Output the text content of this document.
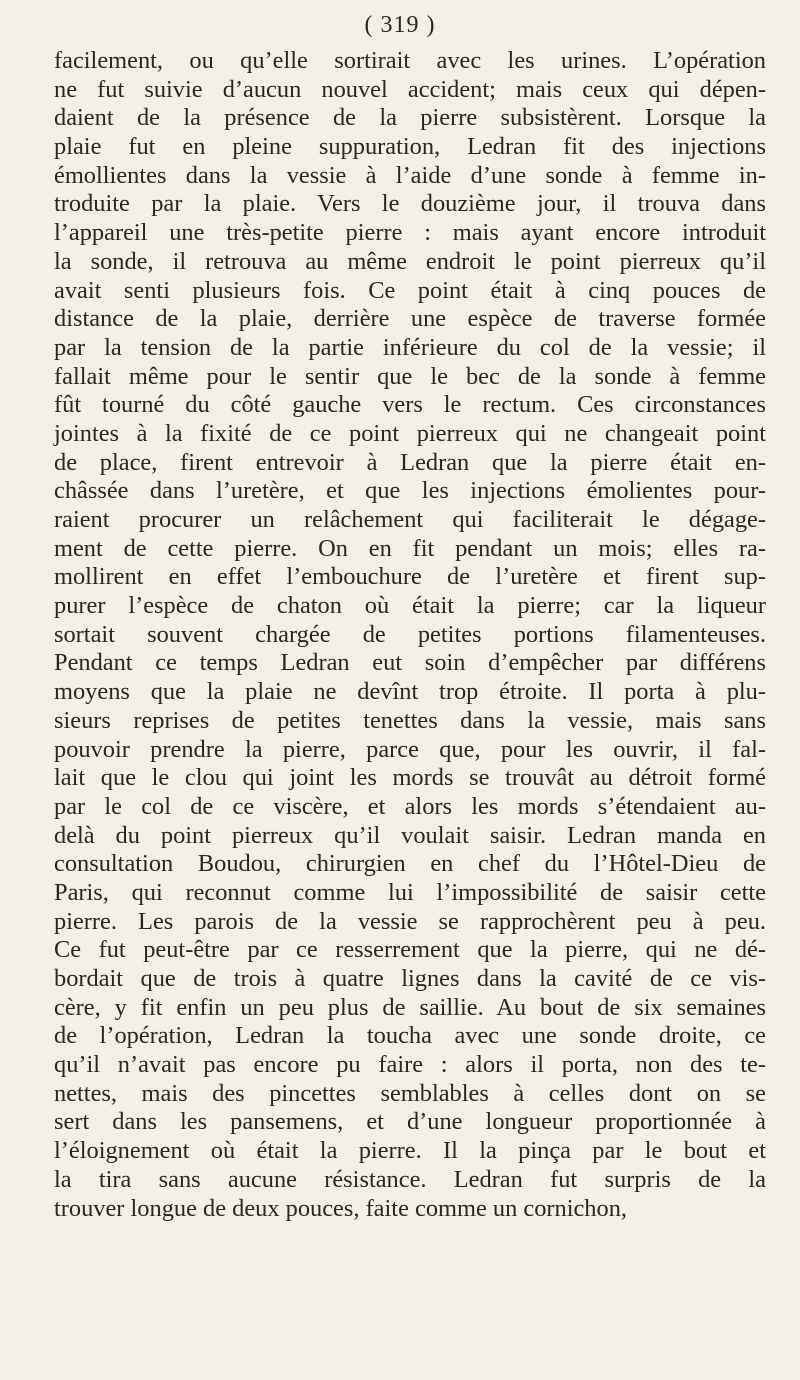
( 319 )
facilement, ou qu’elle sortirait avec les urines. L’opération
ne fut suivie d’aucun nouvel accident; mais ceux qui dépen-
daient de la présence de la pierre subsistèrent. Lorsque la
plaie fut en pleine suppuration, Ledran fit des injections
émollientes dans la vessie à l’aide d’une sonde à femme in-
troduite par la plaie. Vers le douzième jour, il trouva dans
l’appareil une très-petite pierre : mais ayant encore introduit
la sonde, il retrouva au même endroit le point pierreux qu’il
avait senti plusieurs fois. Ce point était à cinq pouces de
distance de la plaie, derrière une espèce de traverse formée
par la tension de la partie inférieure du col de la vessie; il
fallait même pour le sentir que le bec de la sonde à femme
fût tourné du côté gauche vers le rectum. Ces circonstances
jointes à la fixité de ce point pierreux qui ne changeait point
de place, firent entrevoir à Ledran que la pierre était en-
châssée dans l’uretère, et que les injections émolientes pour-
raient procurer un relâchement qui faciliterait le dégage-
ment de cette pierre. On en fit pendant un mois; elles ra-
mollirent en effet l’embouchure de l’uretère et firent sup-
purer l’espèce de chaton où était la pierre; car la liqueur
sortait souvent chargée de petites portions filamenteuses.
Pendant ce temps Ledran eut soin d’empêcher par différens
moyens que la plaie ne devînt trop étroite. Il porta à plu-
sieurs reprises de petites tenettes dans la vessie, mais sans
pouvoir prendre la pierre, parce que, pour les ouvrir, il fal-
lait que le clou qui joint les mords se trouvât au détroit formé
par le col de ce viscère, et alors les mords s’étendaient au-
delà du point pierreux qu’il voulait saisir. Ledran manda en
consultation Boudou, chirurgien en chef du l’Hôtel-Dieu de
Paris, qui reconnut comme lui l’impossibilité de saisir cette
pierre. Les parois de la vessie se rapprochèrent peu à peu.
Ce fut peut-être par ce resserrement que la pierre, qui ne dé-
bordait que de trois à quatre lignes dans la cavité de ce vis-
cère, y fit enfin un peu plus de saillie. Au bout de six semaines
de l’opération, Ledran la toucha avec une sonde droite, ce
qu’il n’avait pas encore pu faire : alors il porta, non des te-
nettes, mais des pincettes semblables à celles dont on se
sert dans les pansemens, et d’une longueur proportionnée à
l’éloignement où était la pierre. Il la pinça par le bout et
la tira sans aucune résistance. Ledran fut surpris de la
trouver longue de deux pouces, faite comme un cornichon,
